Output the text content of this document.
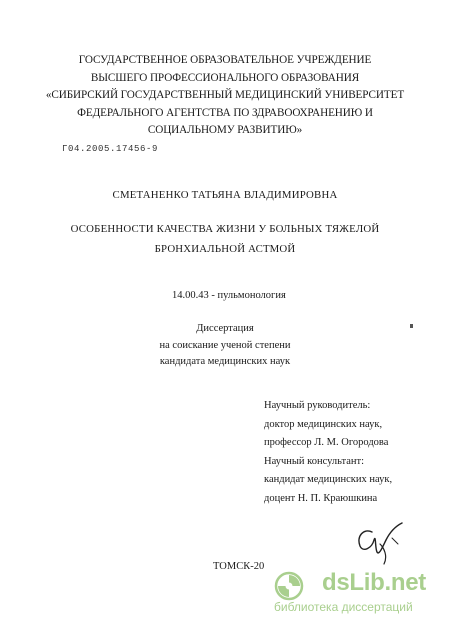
ГОСУДАРСТВЕННОЕ ОБРАЗОВАТЕЛЬНОЕ УЧРЕЖДЕНИЕ
ВЫСШЕГО ПРОФЕССИОНАЛЬНОГО ОБРАЗОВАНИЯ
«СИБИРСКИЙ ГОСУДАРСТВЕННЫЙ МЕДИЦИНСКИЙ УНИВЕРСИТЕТ
ФЕДЕРАЛЬНОГО АГЕНТСТВА ПО ЗДРАВООХРАНЕНИЮ И
СОЦИАЛЬНОМУ РАЗВИТИЮ»
Г04.2005.17456-9
СМЕТАНЕНКО ТАТЬЯНА ВЛАДИМИРОВНА
ОСОБЕННОСТИ КАЧЕСТВА ЖИЗНИ У БОЛЬНЫХ ТЯЖЕЛОЙ
БРОНХИАЛЬНОЙ АСТМОЙ
14.00.43 - пульмонология
Диссертация
на соискание ученой степени
кандидата медицинских наук
Научный руководитель:
доктор медицинских наук,
профессор Л. М. Огородова
Научный консультант:
кандидат медицинских наук,
доцент Н. П. Краюшкина
ТОМСК-20
dsLib.net
библиотека диссертаций
